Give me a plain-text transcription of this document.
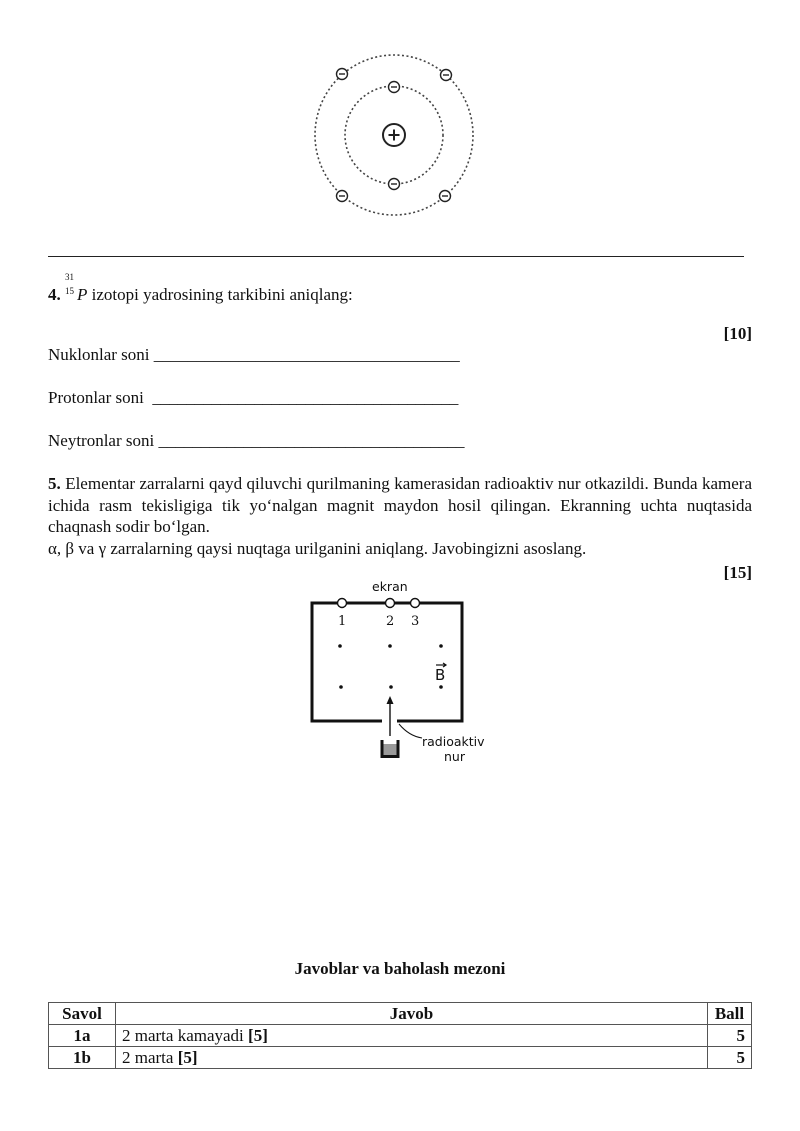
4.
31
15 P izotopi yadrosining tarkibini aniqlang:
[10]
Nuklonlar soni ____________________________________
Protonlar soni ____________________________________
Neytronlar soni ____________________________________

5. Elementar zarralarni qayd qiluvchi qurilmaning kamerasidan radioaktiv nur otkazildi. Bunda kamera ichida rasm tekisligiga tik yo‘nalgan magnit maydon hosil qilingan. Ekranning uchta nuqtasida chaqnash sodir bo‘lgan.

α, β va γ zarralarning qaysi nuqtaga urilganini aniqlang. Javobingizni asoslang.

[15]
ekran
1	2 3
B
radioaktiv
nur
Javoblar va baholash mezoni
Savol	Javob	Ball
1a	2 marta kamayadi [5]	5
1b	2 marta [5]	5
